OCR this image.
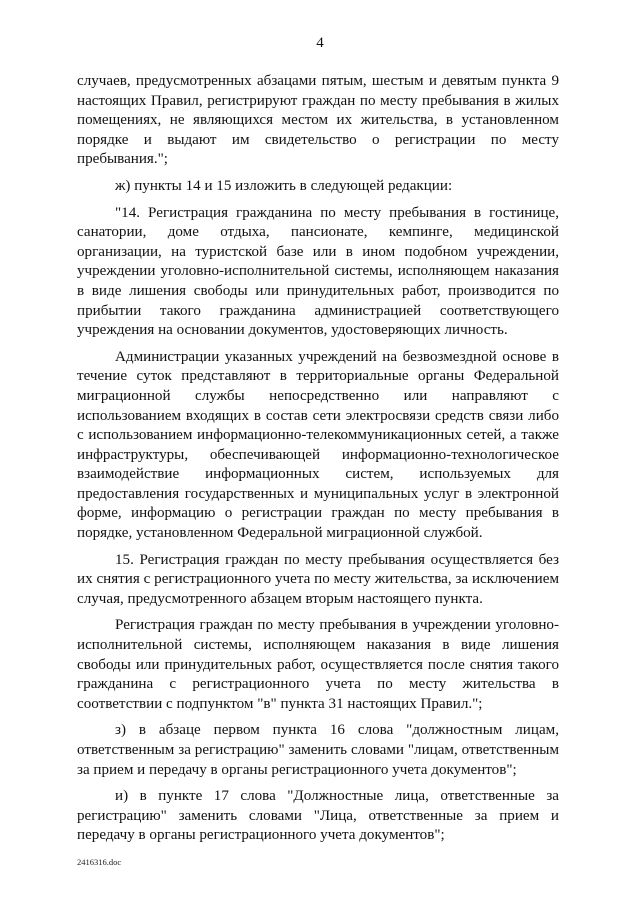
4

случаев, предусмотренных абзацами пятым, шестым и девятым пункта 9 настоящих Правил, регистрируют граждан по месту пребывания в жилых помещениях, не являющихся местом их жительства, в установленном порядке и выдают им свидетельство о регистрации по месту пребывания.";

ж) пункты 14 и 15 изложить в следующей редакции:

"14. Регистрация гражданина по месту пребывания в гостинице, санатории, доме отдыха, пансионате, кемпинге, медицинской организации, на туристской базе или в ином подобном учреждении, учреждении уголовно-исполнительной системы, исполняющем наказания в виде лишения свободы или принудительных работ, производится по прибытии такого гражданина администрацией соответствующего учреждения на основании документов, удостоверяющих личность.

Администрации указанных учреждений на безвозмездной основе в течение суток представляют в территориальные органы Федеральной миграционной службы непосредственно или направляют с использованием входящих в состав сети электросвязи средств связи либо с использованием информационно-телекоммуникационных сетей, а также инфраструктуры, обеспечивающей информационно-технологическое взаимодействие информационных систем, используемых для предоставления государственных и муниципальных услуг в электронной форме, информацию о регистрации граждан по месту пребывания в порядке, установленном Федеральной миграционной службой.

15. Регистрация граждан по месту пребывания осуществляется без их снятия с регистрационного учета по месту жительства, за исключением случая, предусмотренного абзацем вторым настоящего пункта.

Регистрация граждан по месту пребывания в учреждении уголовно-исполнительной системы, исполняющем наказания в виде лишения свободы или принудительных работ, осуществляется после снятия такого гражданина с регистрационного учета по месту жительства в соответствии с подпунктом "в" пункта 31 настоящих Правил.";

з) в абзаце первом пункта 16 слова "должностным лицам, ответственным за регистрацию" заменить словами "лицам, ответственным за прием и передачу в органы регистрационного учета документов";

и) в пункте 17 слова "Должностные лица, ответственные за регистрацию" заменить словами "Лица, ответственные за прием и передачу в органы регистрационного учета документов";

2416316.doc
